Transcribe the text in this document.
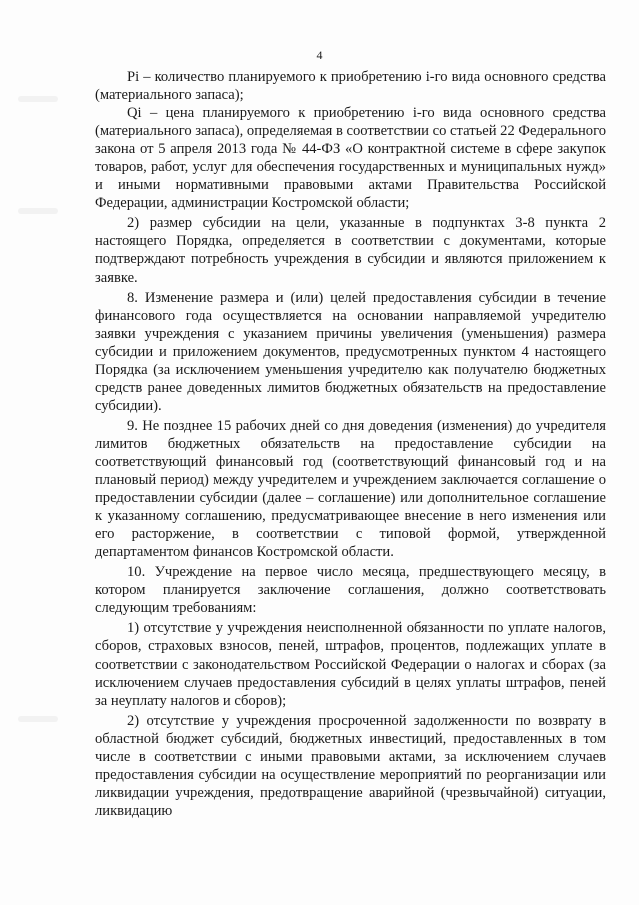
4

Pi – количество планируемого к приобретению i-го вида основного средства (материального запаса);

Qi – цена планируемого к приобретению i-го вида основного средства (материального запаса), определяемая в соответствии со статьей 22 Федерального закона от 5 апреля 2013 года № 44-ФЗ «О контрактной системе в сфере закупок товаров, работ, услуг для обеспечения государственных и муниципальных нужд» и иными нормативными правовыми актами Правительства Российской Федерации, администрации Костромской области;

2) размер субсидии на цели, указанные в подпунктах 3-8 пункта 2 настоящего Порядка, определяется в соответствии с документами, которые подтверждают потребность учреждения в субсидии и являются приложением к заявке.

8. Изменение размера и (или) целей предоставления субсидии в течение финансового года осуществляется на основании направляемой учредителю заявки учреждения с указанием причины увеличения (уменьшения) размера субсидии и приложением документов, предусмотренных пунктом 4 настоящего Порядка (за исключением уменьшения учредителю как получателю бюджетных средств ранее доведенных лимитов бюджетных обязательств на предоставление субсидии).

9. Не позднее 15 рабочих дней со дня доведения (изменения) до учредителя лимитов бюджетных обязательств на предоставление субсидии на соответствующий финансовый год (соответствующий финансовый год и на плановый период) между учредителем и учреждением заключается соглашение о предоставлении субсидии (далее – соглашение) или дополнительное соглашение к указанному соглашению, предусматривающее внесение в него изменения или его расторжение, в соответствии с типовой формой, утвержденной департаментом финансов Костромской области.

10. Учреждение на первое число месяца, предшествующего месяцу, в котором планируется заключение соглашения, должно соответствовать следующим требованиям:

1) отсутствие у учреждения неисполненной обязанности по уплате налогов, сборов, страховых взносов, пеней, штрафов, процентов, подлежащих уплате в соответствии с законодательством Российской Федерации о налогах и сборах (за исключением случаев предоставления субсидий в целях уплаты штрафов, пеней за неуплату налогов и сборов);

2) отсутствие у учреждения просроченной задолженности по возврату в областной бюджет субсидий, бюджетных инвестиций, предоставленных в том числе в соответствии с иными правовыми актами, за исключением случаев предоставления субсидии на осуществление мероприятий по реорганизации или ликвидации учреждения, предотвращение аварийной (чрезвычайной) ситуации, ликвидацию
